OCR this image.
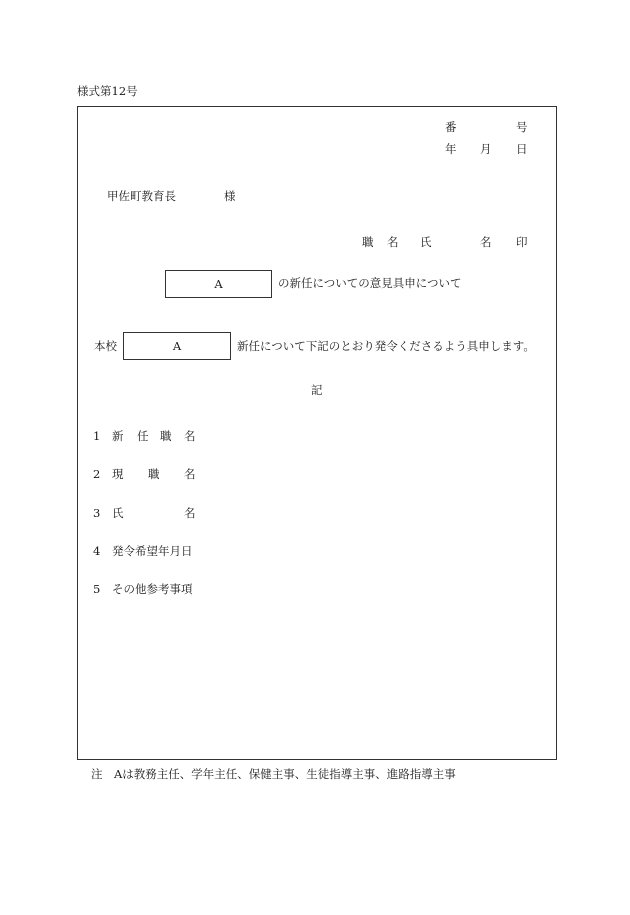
様式第12号
番	号
年 月 日
甲佐町教育長	様
職 名 氏	名 印
A	の新任についての意見具申について
本校	A	新任について下記のとおり発令くださるよう具申します。
記
1 新 任 職 名
2 現 職 名
3 氏	名
4 発令希望年月日
5 その他参考事項
注 Aは教務主任、学年主任、保健主事、生徒指導主事、進路指導主事
